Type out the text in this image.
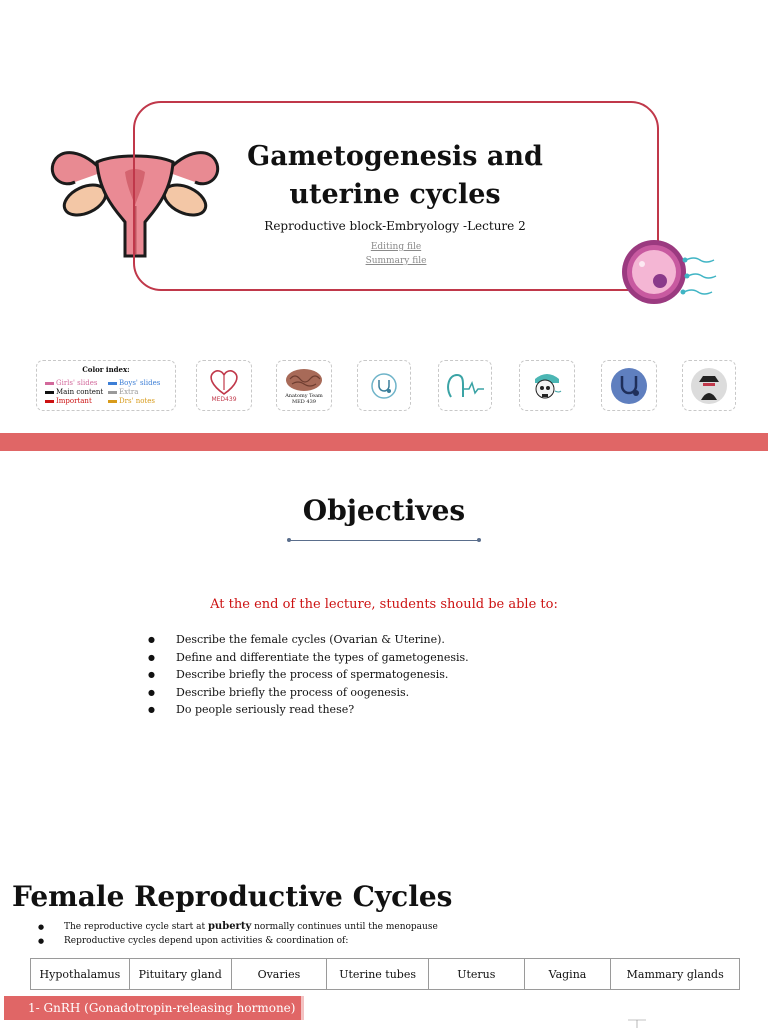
Gametogenesis and
uterine cycles
Reproductive block-Embryology -Lecture 2
Editing file
Summary file
Color index:
Girls' slides	Boys' slides
Main content Extra
Important	Drs' notes	MED439
Anatomy Team
MED 439
Objectives
At the end of the lecture, students should be able to:
● Describe the female cycles (Ovarian & Uterine).
● Define and differentiate the types of gametogenesis.
● Describe briefly the process of spermatogenesis.
● Describe briefly the process of oogenesis.
● Do people seriously read these?
Female Reproductive Cycles
● The reproductive cycle start at puberty normally continues until the menopause
● Reproductive cycles depend upon activities & coordination of:
Hypothalamus	Pituitary gland	Ovaries	Uterine tubes	Uterus	Vagina	Mammary glands
1- GnRH (Gonadotropin-releasing hormone)
